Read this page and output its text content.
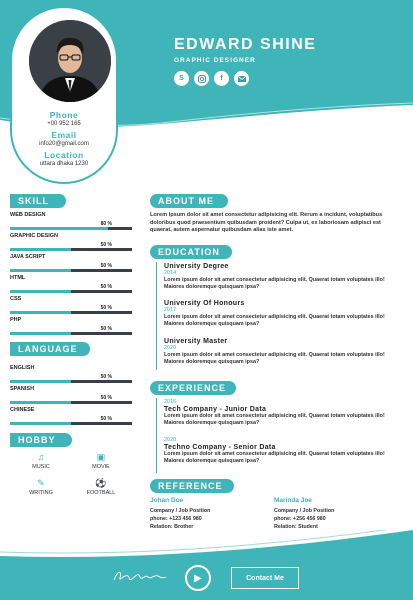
Phone
+00 952 165
Email
info20@gmail.com
Location
uttara dhaka 1230
EDWARD SHINE
GRAPHIC DESIGNER
S	f
SKILL
WEB DESIGN
80 %
GRAPHIC DESIGN
50 %
JAVA SCRIPT
50 %
HTML
50 %
CSS
50 %
PHP
50 %
LANGUAGE
ENGLISH
50 %
SPANISH
50 %
CHINESE
50 %
HOBBY
♫
MUSIC
▣
MOVIE
✎
WRITING
⚽
FOOTBALL
ABOUT ME
Lorem ipsum dolor sit amet consectetur adipisicing elit. Rerum a incidunt, voluptatibus doloribus quod praesentium quibusdam proident? Culpa ut, ex laboriosam adipisci est quaerat, autem aspernatur quibusdam alias iste amet.
EDUCATION
University Degree
2014
Lorem ipsum dolor sit amet consectetur adipisicing elit. Quaerat totam voluptates illo! Maiores doloremque quisquam ipsa?
University Of Honours
2017
Lorem ipsum dolor sit amet consectetur adipisicing elit. Quaerat totam voluptates illo! Maiores doloremque quisquam ipsa?
University Master
2020
Lorem ipsum dolor sit amet consectetur adipisicing elit. Quaerat totam voluptates illo! Maiores doloremque quisquam ipsa?
EXPERIENCE
2016
Tech Company - Junior Data
Lorem ipsum dolor sit amet consectetur adipisicing elit. Quaerat totam voluptates illo! Maiores doloremque quisquam ipsa?
2020
Techno Company - Senior Data
Lorem ipsum dolor sit amet consectetur adipisicing elit. Quaerat totam voluptates illo! Maiores doloremque quisquam ipsa?
REFERENCE
Johan Doe
Company / Job Position
phone: +123 456 980
Relation: Brother
Marinda Joe
Company / Job Position
phone: +256 456 980
Relation: Student
▶	Contact Me
